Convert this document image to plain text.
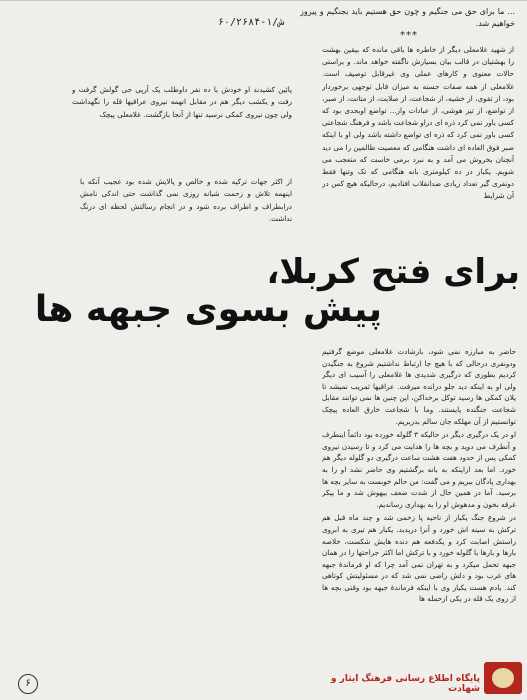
... ما برای حق می جنگیم و چون حق هستیم باید بجنگیم و پیروز خواهیم شد.
***
۶۰/۲۶۸۴-۱/ش
از شهید غلامعلی دیگر از خاطره ها باقی مانده که بیقین بهشت را بهشتیان در قالب بیان بسیارش ناگفته خواهد ماند. و براستی حالات معنوی و کارهای عملی وی غیرقابل توصیف است. غلامعلی از همه صفات حسنه به میزان قابل توجهی برخوردار بود، از تقوی، از خشیه، از شجاعت، از صلابت، از متانت، از صبر، از تواضع، از تیز هوشی، از عبادات واز... تواضع اوبحدی بود که کسی باور نمی کرد ذره ای دراو شجاعت باشد و فرهنگ شجاعتی کسی باور نمی کرد که ذره ای تواضع داشته باشد ولی او با اینکه صبر فوق العاده ای داشت هنگامی که معصیت ظالمین را می دید آنچنان بخروش می آمد و به نبرد برمی خاست که متعجب می شویم. یکبار در ده کیلومتری بانه هنگامی که تک وتنها فقط دونفری گیر تعداد زیادی ضدانقلاب افتادیم، درحالیکه هیچ کس در آن شرایط
پائین کشیدند او خودش با ده نفر داوطلب یک آرپی جی گولش گرفت و رفت و یکشب دیگر هم در مقابل انهمه نیروی عراقیها قله را نگهداشت ولی چون نیروی کمکی نرسید تنها از آنجا بازگشت. غلامعلی پیچک
از اکثر جهات ترکیه شده و خالص و پالایش شده بود عجیب آنکه با اینهمه تلاش و زحمت شبانه روزی نمی گذاشت حتی اندکی نامش درابطراف و اطراف برده شود و در انجام رسالتش لحظه ای درنگ نداشت.
برای فتح کربلا،
پیش بسوی جبهه ها

حاضر به مبارزه نمی شود، بارشادت غلامعلی موضع گرفتیم ودونفری درحالی که با هیچ جا ارتباط نداشتیم شروع به جنگیدن کردیم بطوری که درگیری شدیدی ها غلامعلی را آسیب ای دیگر ولی او به اینکه دید جلو درانده میرفت. عراقیها ثمریب نمیشد تا پلان کمکی ها رسید توکل برخداکن، این چنین ها نمی توانند مقابل شجاعت جنگنده پایستند. وما با شجاعت خارق العاده پیچک توانستیم از آن مهلکه جان سالم بدربریم.

او در یک درگیری دیگر در حالیکه ۳ گلوله خورده بود دائماً اینطرف و آنطرف می دوید و بچه ها را هدایت می کرد و تا رسیدن نیروی کمکی پس از حدود هفت هشت ساعت درگیری دو گلوله دیگر هم خورد. اما بعد ازاینکه به بانه برگشتیم وی حاضر نشد او را به بهداری پادگان ببریم و می گفت: من حالم خوبست به سایر بچه ها برسید. آما در همین حال از شدت ضعف بیهوش شد و ما پیکر غرقه بخون و مدهوش او را به بهداری رساندیم.

در شروع جنگ یکبار از ناحیه پا زخمی شد و چند ماه قبل هم ترکش به سینه اش خورد و آنرا دریدبد. یکبار هم تیری به ابروی راستش اصابت کرد و یکدفعه هم دنده هایش شکست، خلاصه بارها و بارها با گلوله خورد و با ترکش اما اکثر جراحتها را در همان جبهه تحمل میکرد و به تهران نمی آمد چرا که او فرماندهٔ جبهه های غرب بود و دلش راضی نمی شد که در مسئولیتش کوتاهی کند. یادم هست یکبار وی با اینکه فرماندهٔ جبهه بود وقتی بچه ها از روی یک قله در یکی ازحمله ها

۶	پایگاه اطلاع رسانی فرهنگ ایثار و شهادت
